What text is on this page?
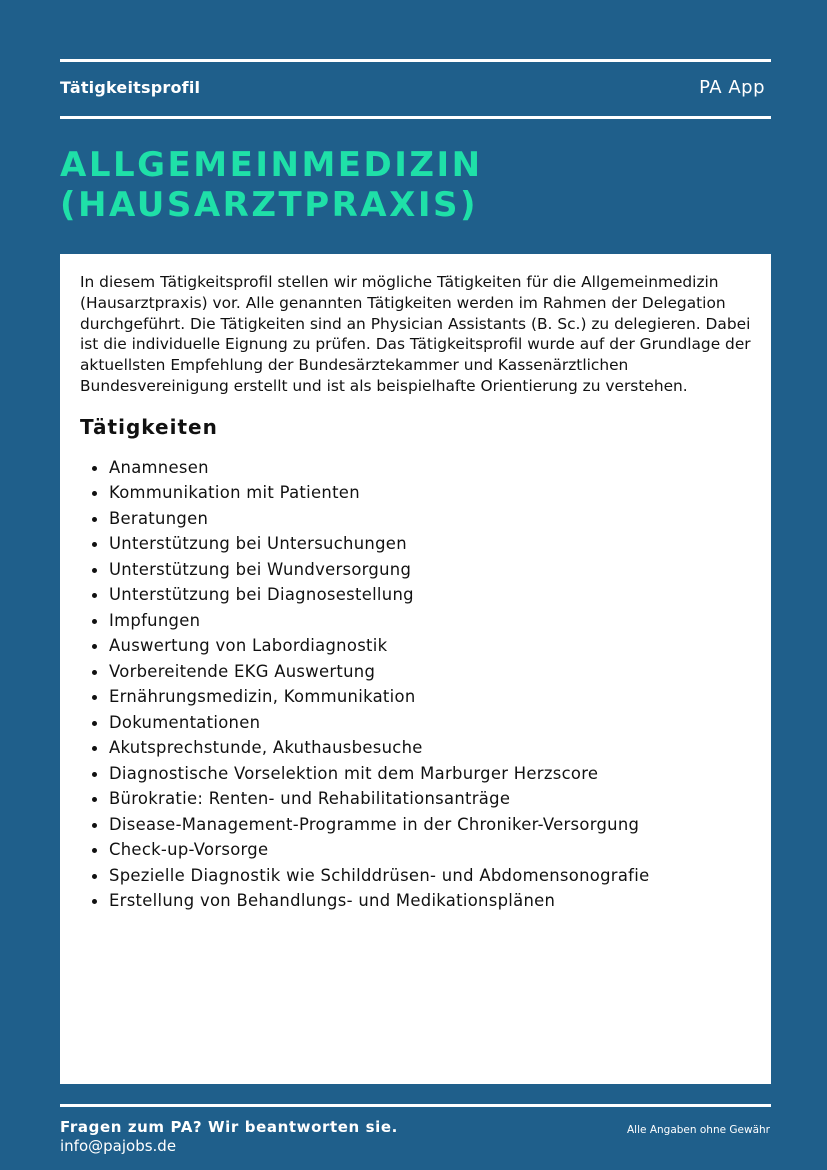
Tätigkeitsprofil	PA App
ALLGEMEINMEDIZIN (HAUSARZTPRAXIS)

In diesem Tätigkeitsprofil stellen wir mögliche Tätigkeiten für die Allgemeinmedizin (Hausarztpraxis) vor. Alle genannten Tätigkeiten werden im Rahmen der Delegation durchgeführt. Die Tätigkeiten sind an Physician Assistants (B. Sc.) zu delegieren. Dabei ist die individuelle Eignung zu prüfen. Das Tätigkeitsprofil wurde auf der Grundlage der aktuellsten Empfehlung der Bundesärztekammer und Kassenärztlichen Bundesvereinigung erstellt und ist als beispielhafte Orientierung zu verstehen.

Tätigkeiten
Anamnesen
Kommunikation mit Patienten
Beratungen
Unterstützung bei Untersuchungen
Unterstützung bei Wundversorgung
Unterstützung bei Diagnosestellung
Impfungen
Auswertung von Labordiagnostik
Vorbereitende EKG Auswertung
Ernährungsmedizin, Kommunikation
Dokumentationen
Akutsprechstunde, Akuthausbesuche
Diagnostische Vorselektion mit dem Marburger Herzscore
Bürokratie: Renten- und Rehabilitationsanträge
Disease-Management-Programme in der Chroniker-Versorgung
Check-up-Vorsorge
Spezielle Diagnostik wie Schilddrüsen- und Abdomensonografie
Erstellung von Behandlungs- und Medikationsplänen
Fragen zum PA? Wir beantworten sie.
info@pajobs.de
Alle Angaben ohne Gewähr
